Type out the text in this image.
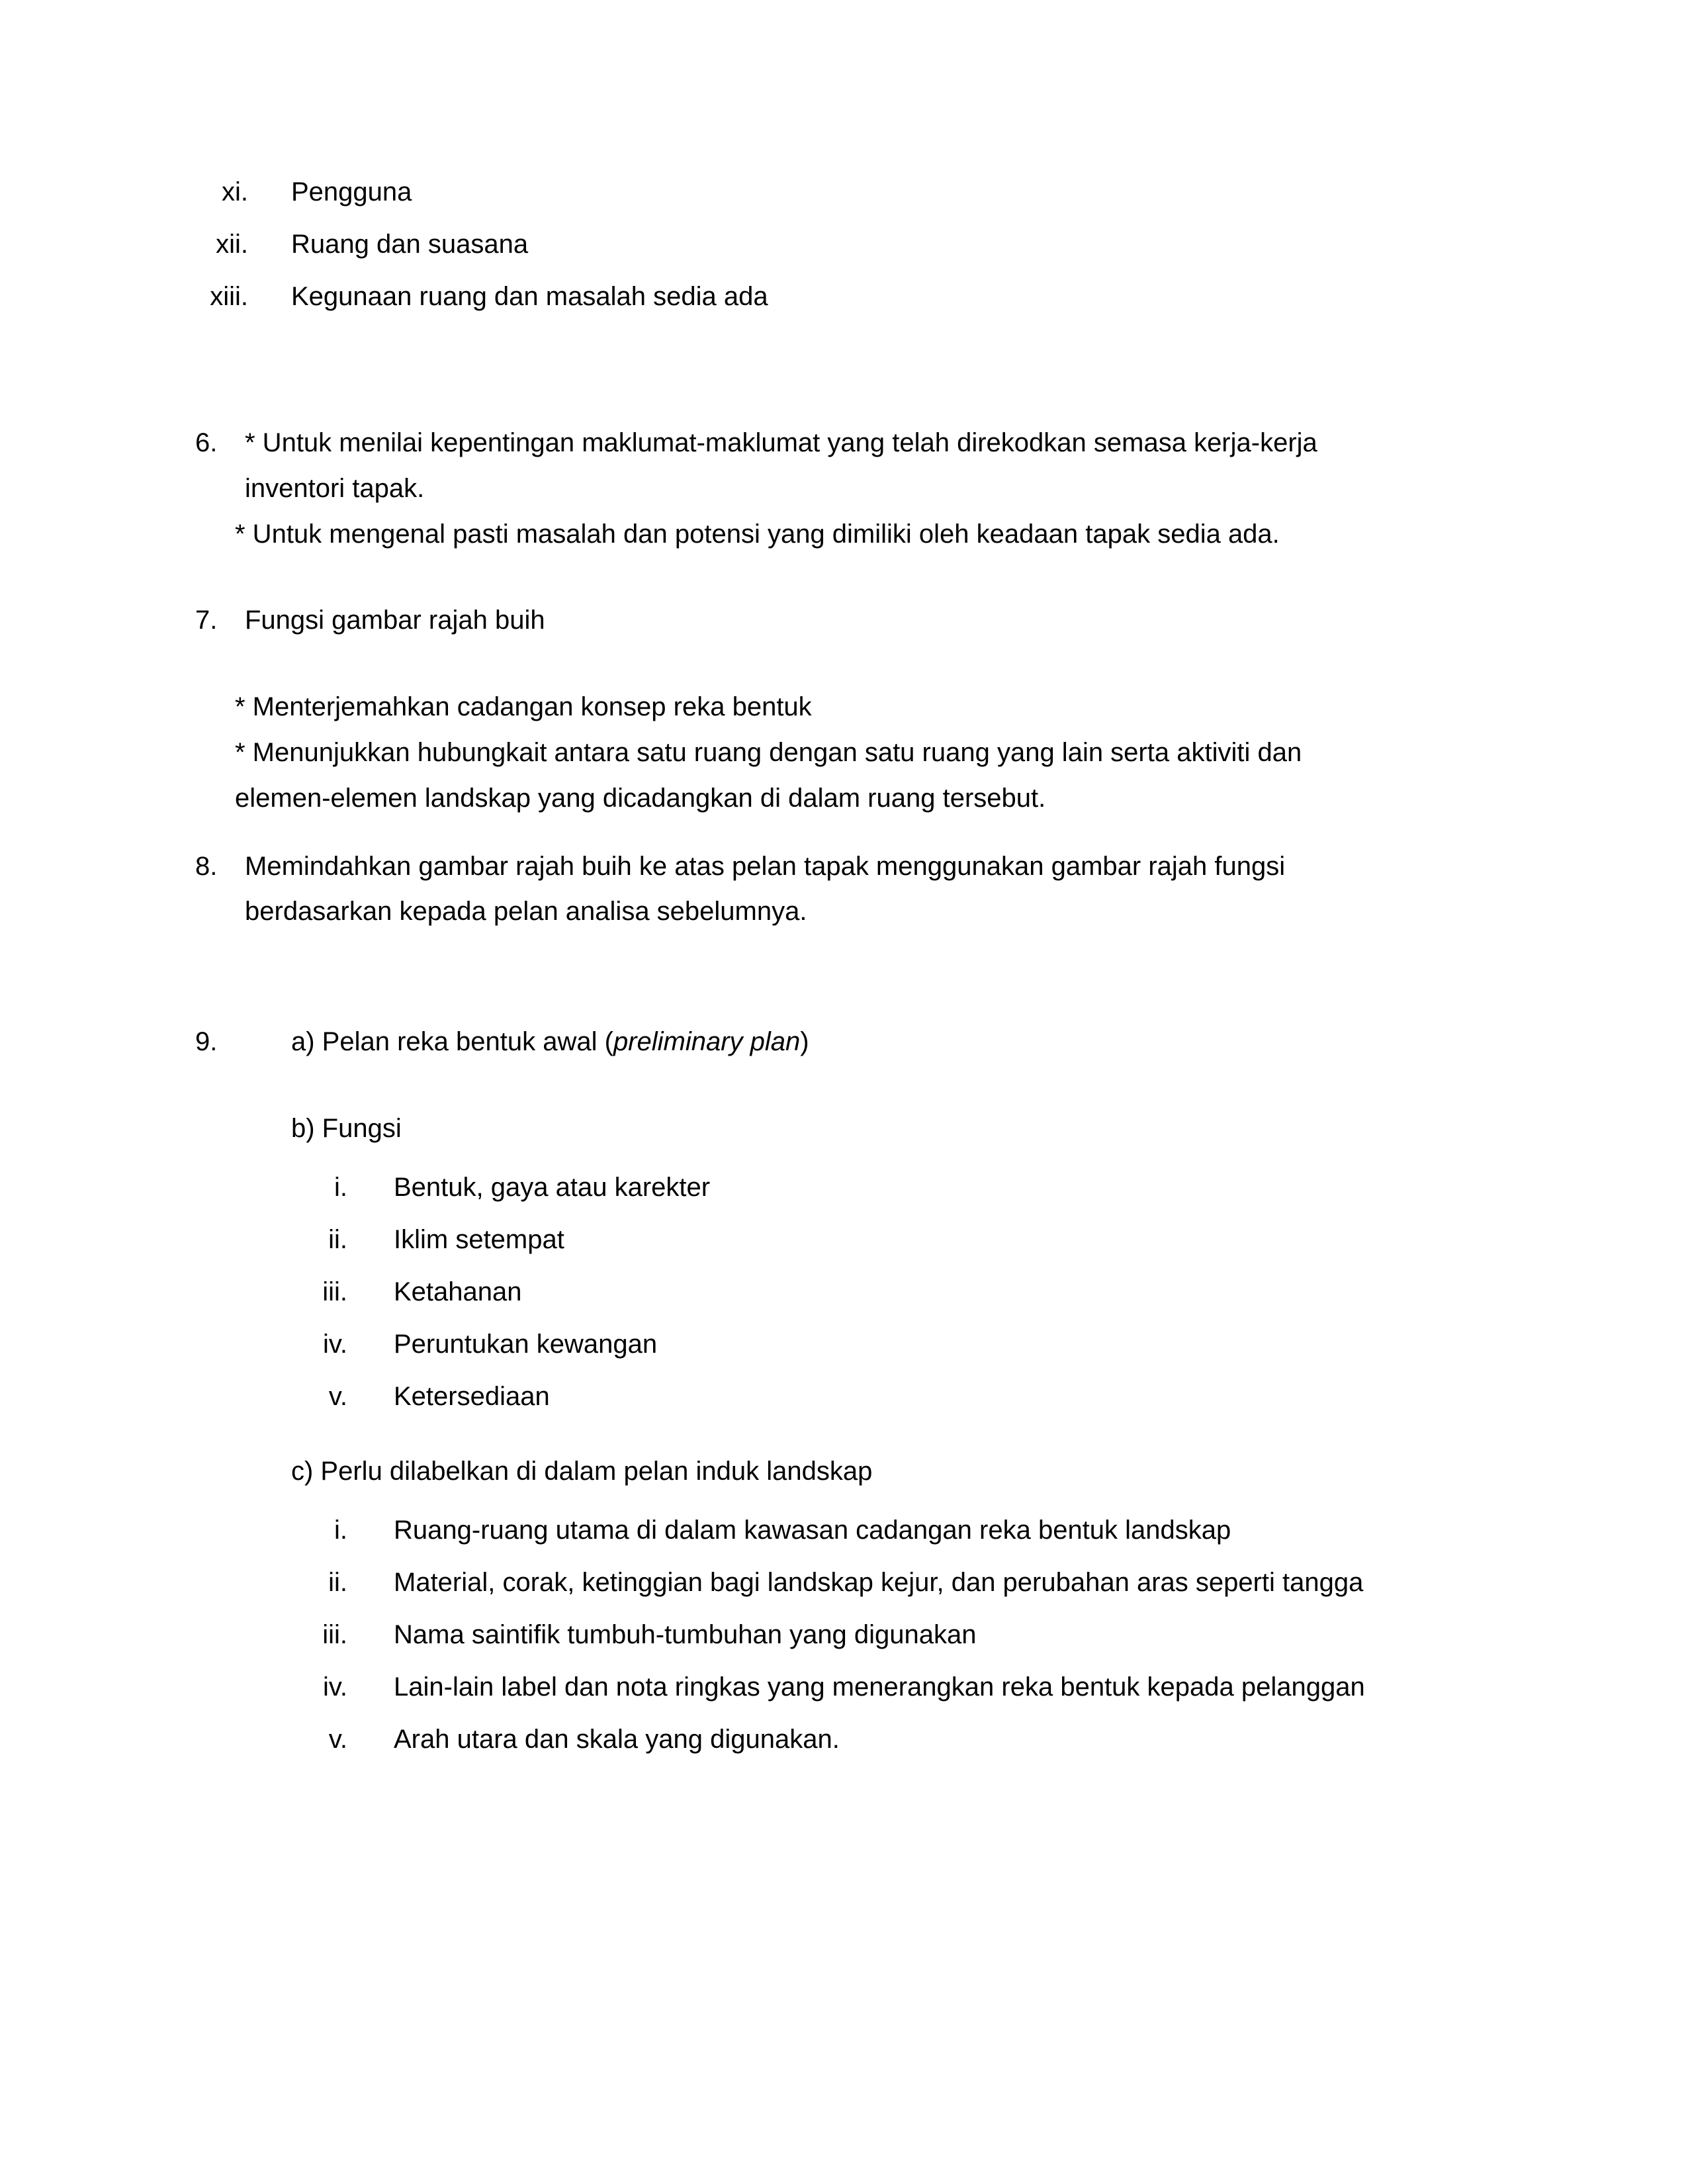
xi. Pengguna
xii. Ruang dan suasana
xiii. Kegunaan ruang dan masalah sedia ada
6. * Untuk menilai kepentingan maklumat-maklumat yang telah direkodkan semasa kerja-kerja

inventori tapak.

* Untuk mengenal pasti masalah dan potensi yang dimiliki oleh keadaan tapak sedia ada.

7. Fungsi gambar rajah buih

* Menterjemahkan cadangan konsep reka bentuk

* Menunjukkan hubungkait antara satu ruang dengan satu ruang yang lain serta aktiviti dan

elemen-elemen landskap yang dicadangkan di dalam ruang tersebut.

8. Memindahkan gambar rajah buih ke atas pelan tapak menggunakan gambar rajah fungsi

berdasarkan kepada pelan analisa sebelumnya.

9.	a) Pelan reka bentuk awal (preliminary plan)

b) Fungsi

i. Bentuk, gaya atau karekter
ii. Iklim setempat
iii. Ketahanan
iv. Peruntukan kewangan
v. Ketersediaan

c) Perlu dilabelkan di dalam pelan induk landskap

i. Ruang-ruang utama di dalam kawasan cadangan reka bentuk landskap
ii. Material, corak, ketinggian bagi landskap kejur, dan perubahan aras seperti tangga
iii. Nama saintifik tumbuh-tumbuhan yang digunakan
iv. Lain-lain label dan nota ringkas yang menerangkan reka bentuk kepada pelanggan
v. Arah utara dan skala yang digunakan.
